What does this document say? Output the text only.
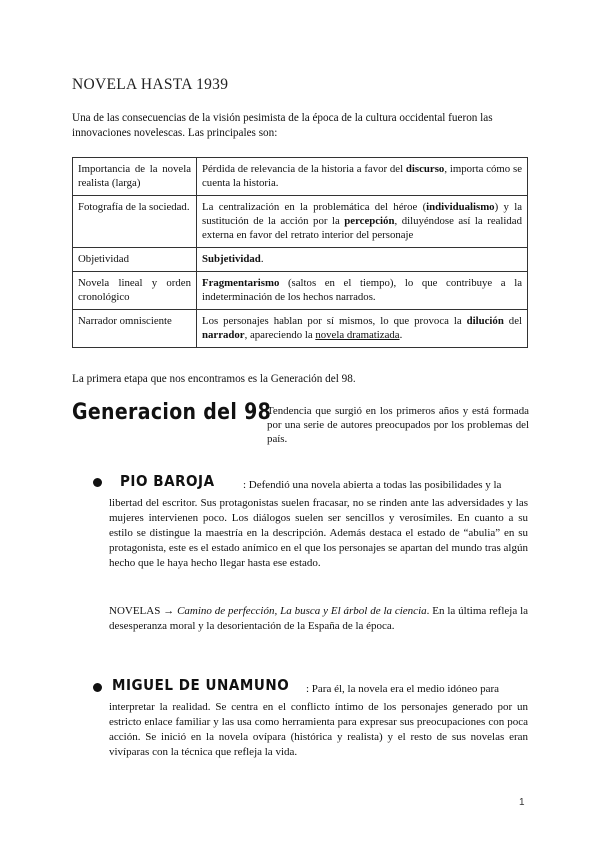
NOVELA HASTA 1939
Una de las consecuencias de la visión pesimista de la época de la cultura occidental fueron las innovaciones novelescas. Las principales son:
Importancia de la novela realista (larga)	Pérdida de relevancia de la historia a favor del discurso, importa cómo se cuenta la historia.
Fotografía de la sociedad.	La centralización en la problemática del héroe (individualismo) y la sustitución de la acción por la percepción, diluyéndose así la realidad externa en favor del retrato interior del personaje
Objetividad	Subjetividad.
Novela lineal y orden cronológico	Fragmentarismo (saltos en el tiempo), lo que contribuye a la indeterminación de los hechos narrados.
Narrador omnisciente	Los personajes hablan por sí mismos, lo que provoca la dilución del narrador, apareciendo la novela dramatizada.
La primera etapa que nos encontramos es la Generación del 98.
Generacion del 98
Tendencia que surgió en los primeros años y está formada por una serie de autores preocupados por los problemas del país.
PIO BAROJA	: Defendió una novela abierta a todas las posibilidades y la
libertad del escritor. Sus protagonistas suelen fracasar, no se rinden ante las adversidades y las mujeres intervienen poco. Los diálogos suelen ser sencillos y verosímiles. En cuanto a su estilo se distingue la maestría en la descripción. Además destaca el estado de “abulia” en su protagonista, este es el estado anímico en el que los personajes se apartan del mundo tras algún hecho que le haya hecho llegar hasta ese estado.
NOVELAS → Camino de perfección, La busca y El árbol de la ciencia. En la última refleja la desesperanza moral y la desorientación de la España de la época.
MIGUEL DE UNAMUNO : Para él, la novela era el medio idóneo para
interpretar la realidad. Se centra en el conflicto íntimo de los personajes generado por un estricto enlace familiar y las usa como herramienta para expresar sus preocupaciones con poca acción. Se inició en la novela ovípara (histórica y realista) y el resto de sus novelas eran vivíparas con la técnica que refleja la vida.
1
